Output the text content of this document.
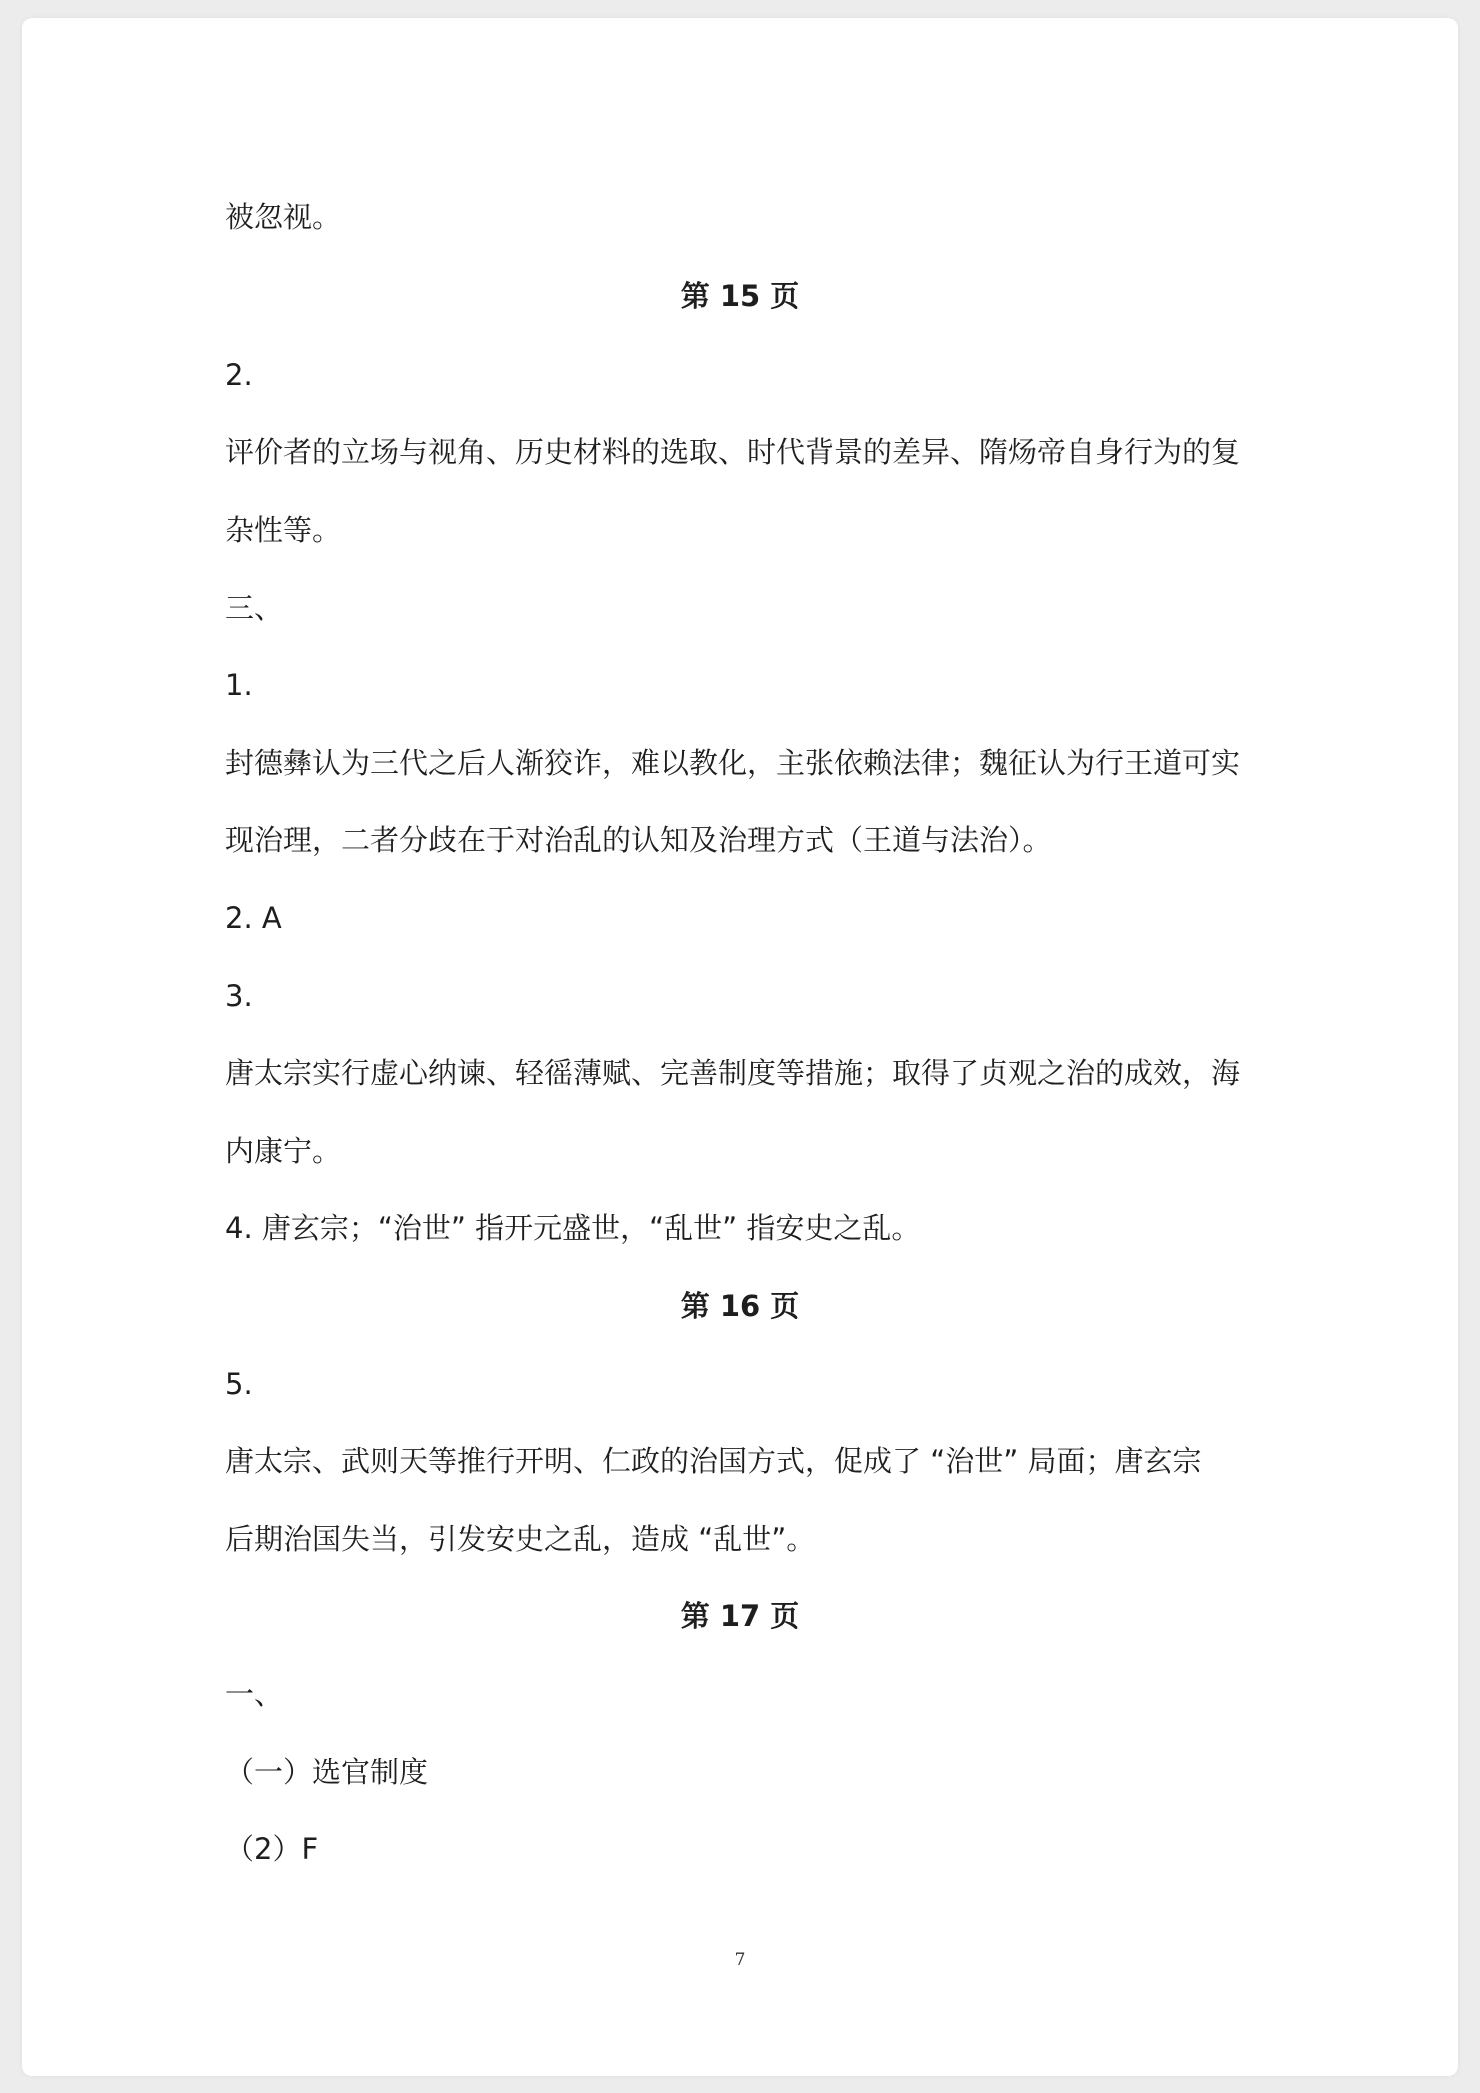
被忽视。
第 15 页
2.
评价者的立场与视角、历史材料的选取、时代背景的差异、隋炀帝自身行为的复
杂性等。
三、
1.
封德彝认为三代之后人渐狡诈，难以教化，主张依赖法律；魏征认为行王道可实
现治理，二者分歧在于对治乱的认知及治理方式（王道与法治）。
2. A
3.
唐太宗实行虚心纳谏、轻徭薄赋、完善制度等措施；取得了贞观之治的成效，海
内康宁。
4. 唐玄宗；“治世” 指开元盛世，“乱世” 指安史之乱。
第 16 页
5.
唐太宗、武则天等推行开明、仁政的治国方式，促成了 “治世” 局面；唐玄宗
后期治国失当，引发安史之乱，造成 “乱世”。
第 17 页
一、
（一）选官制度
（2）F
7
